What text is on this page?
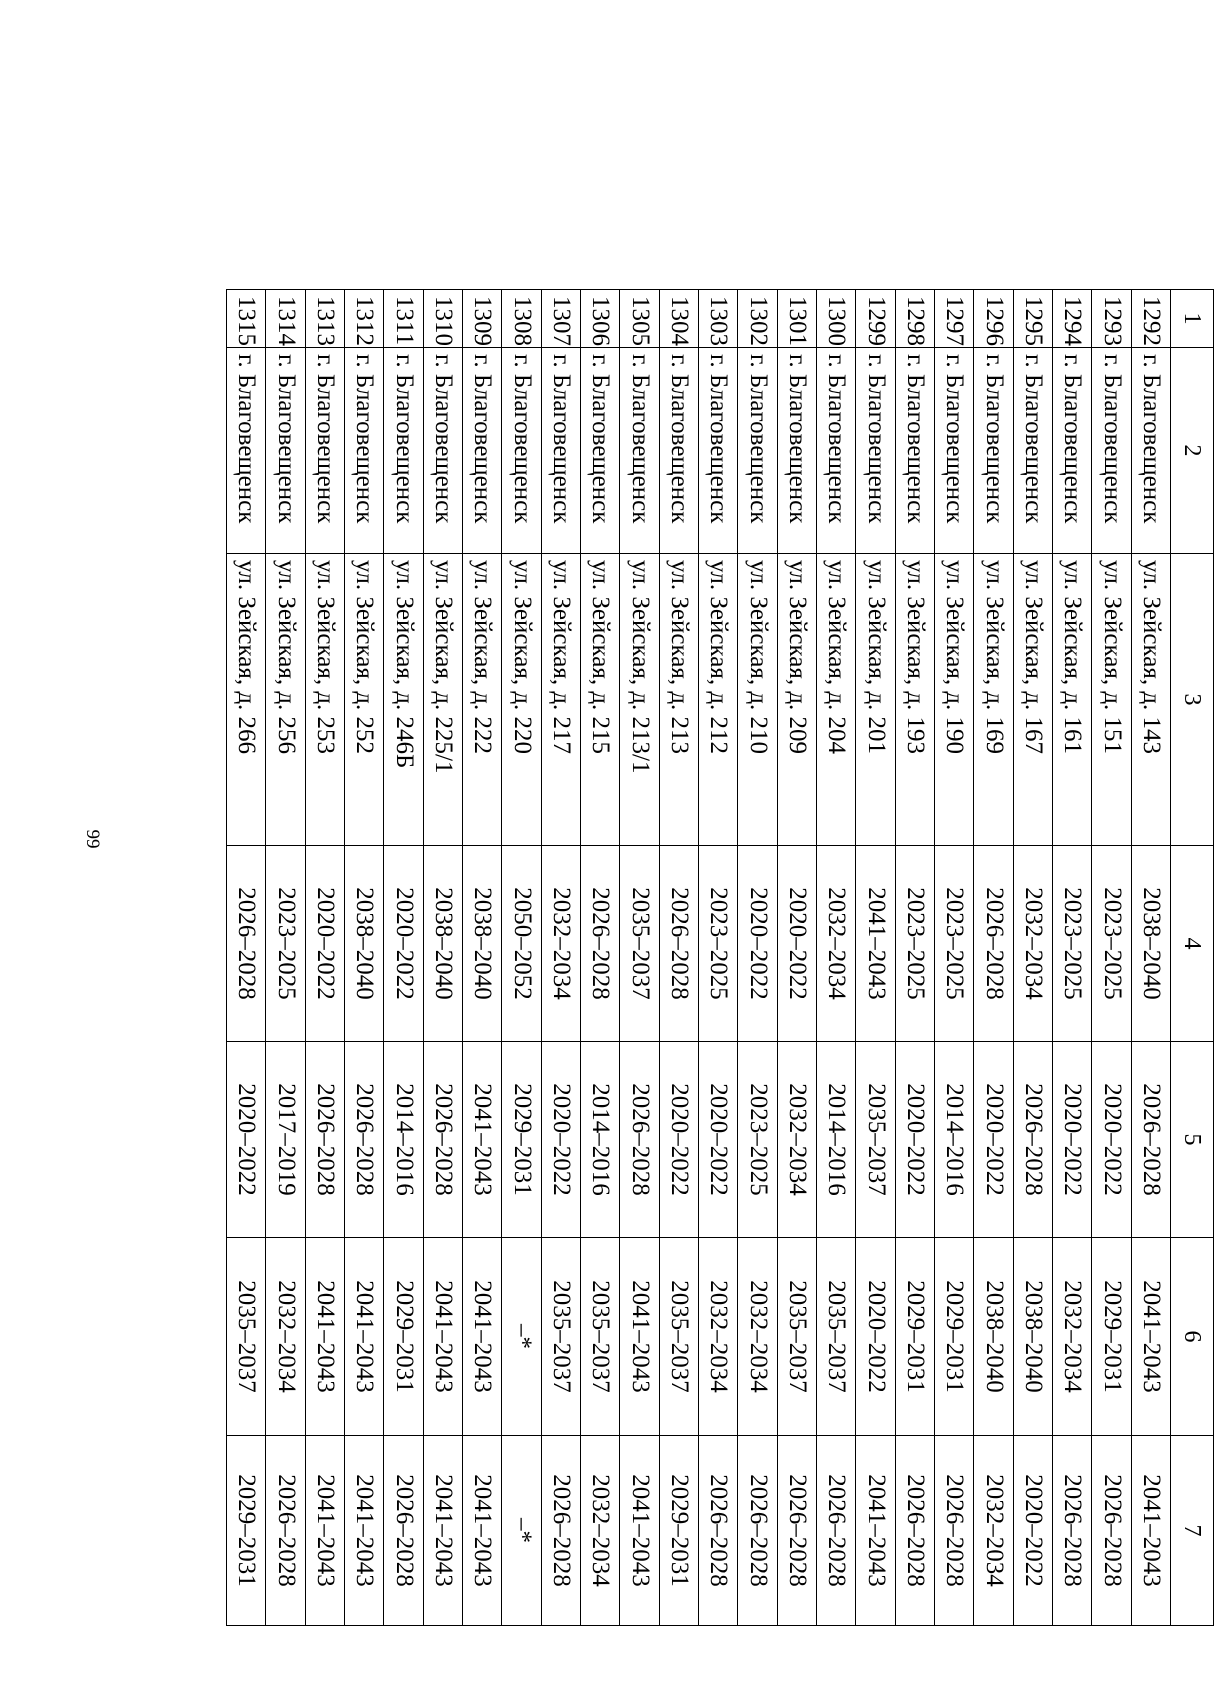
99
1	2	3	4	5	6	7
1292	г. Благовещенск	ул. Зейская, д. 143	2038–2040	2026–2028	2041–2043	2041–2043
1293	г. Благовещенск	ул. Зейская, д. 151	2023–2025	2020–2022	2029–2031	2026–2028
1294	г. Благовещенск	ул. Зейская, д. 161	2023–2025	2020–2022	2032–2034	2026–2028
1295	г. Благовещенск	ул. Зейская, д. 167	2032–2034	2026–2028	2038–2040	2020–2022
1296	г. Благовещенск	ул. Зейская, д. 169	2026–2028	2020–2022	2038–2040	2032–2034
1297	г. Благовещенск	ул. Зейская, д. 190	2023–2025	2014–2016	2029–2031	2026–2028
1298	г. Благовещенск	ул. Зейская, д. 193	2023–2025	2020–2022	2029–2031	2026–2028
1299	г. Благовещенск	ул. Зейская, д. 201	2041–2043	2035–2037	2020–2022	2041–2043
1300	г. Благовещенск	ул. Зейская, д. 204	2032–2034	2014–2016	2035–2037	2026–2028
1301	г. Благовещенск	ул. Зейская, д. 209	2020–2022	2032–2034	2035–2037	2026–2028
1302	г. Благовещенск	ул. Зейская, д. 210	2020–2022	2023–2025	2032–2034	2026–2028
1303	г. Благовещенск	ул. Зейская, д. 212	2023–2025	2020–2022	2032–2034	2026–2028
1304	г. Благовещенск	ул. Зейская, д. 213	2026–2028	2020–2022	2035–2037	2029–2031
1305	г. Благовещенск	ул. Зейская, д. 213/1	2035–2037	2026–2028	2041–2043	2041–2043
1306	г. Благовещенск	ул. Зейская, д. 215	2026–2028	2014–2016	2035–2037	2032–2034
1307	г. Благовещенск	ул. Зейская, д. 217	2032–2034	2020–2022	2035–2037	2026–2028
1308	г. Благовещенск	ул. Зейская, д. 220	2050–2052	2029–2031	–*	–*
1309	г. Благовещенск	ул. Зейская, д. 222	2038–2040	2041–2043	2041–2043	2041–2043
1310	г. Благовещенск	ул. Зейская, д. 225/1	2038–2040	2026–2028	2041–2043	2041–2043
1311	г. Благовещенск	ул. Зейская, д. 246Б	2020–2022	2014–2016	2029–2031	2026–2028
1312	г. Благовещенск	ул. Зейская, д. 252	2038–2040	2026–2028	2041–2043	2041–2043
1313	г. Благовещенск	ул. Зейская, д. 253	2020–2022	2026–2028	2041–2043	2041–2043
1314	г. Благовещенск	ул. Зейская, д. 256	2023–2025	2017–2019	2032–2034	2026–2028
1315	г. Благовещенск	ул. Зейская, д. 266	2026–2028	2020–2022	2035–2037	2029–2031
